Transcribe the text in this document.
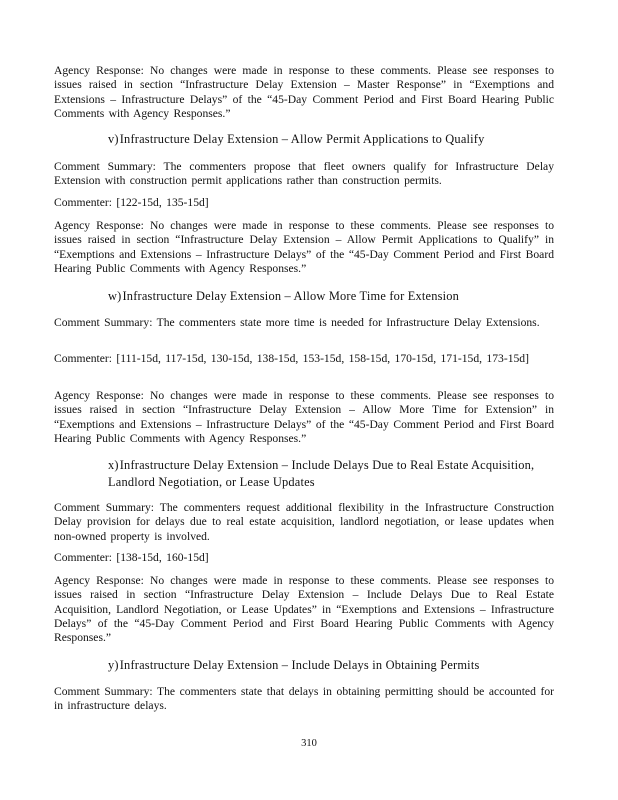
Agency Response: No changes were made in response to these comments. Please see responses to issues raised in section “Infrastructure Delay Extension – Master Response” in “Exemptions and Extensions – Infrastructure Delays” of the “45-Day Comment Period and First Board Hearing Public Comments with Agency Responses.”
v)Infrastructure Delay Extension – Allow Permit Applications to Qualify
Comment Summary: The commenters propose that fleet owners qualify for Infrastructure Delay Extension with construction permit applications rather than construction permits.
Commenter: [122-15d, 135-15d]
Agency Response: No changes were made in response to these comments. Please see responses to issues raised in section “Infrastructure Delay Extension – Allow Permit Applications to Qualify” in “Exemptions and Extensions – Infrastructure Delays” of the “45-Day Comment Period and First Board Hearing Public Comments with Agency Responses.”
w)Infrastructure Delay Extension – Allow More Time for Extension
Comment Summary: The commenters state more time is needed for Infrastructure Delay Extensions.
Commenter: [111-15d, 117-15d, 130-15d, 138-15d, 153-15d, 158-15d, 170-15d, 171-15d, 173-15d]
Agency Response: No changes were made in response to these comments. Please see responses to issues raised in section “Infrastructure Delay Extension – Allow More Time for Extension” in “Exemptions and Extensions – Infrastructure Delays” of the “45-Day Comment Period and First Board Hearing Public Comments with Agency Responses.”
x)Infrastructure Delay Extension – Include Delays Due to Real Estate Acquisition, Landlord Negotiation, or Lease Updates
Comment Summary: The commenters request additional flexibility in the Infrastructure Construction Delay provision for delays due to real estate acquisition, landlord negotiation, or lease updates when non-owned property is involved.
Commenter: [138-15d, 160-15d]
Agency Response: No changes were made in response to these comments. Please see responses to issues raised in section “Infrastructure Delay Extension – Include Delays Due to Real Estate Acquisition, Landlord Negotiation, or Lease Updates” in “Exemptions and Extensions – Infrastructure Delays” of the “45-Day Comment Period and First Board Hearing Public Comments with Agency Responses.”
y)Infrastructure Delay Extension – Include Delays in Obtaining Permits
Comment Summary: The commenters state that delays in obtaining permitting should be accounted for in infrastructure delays.
310
